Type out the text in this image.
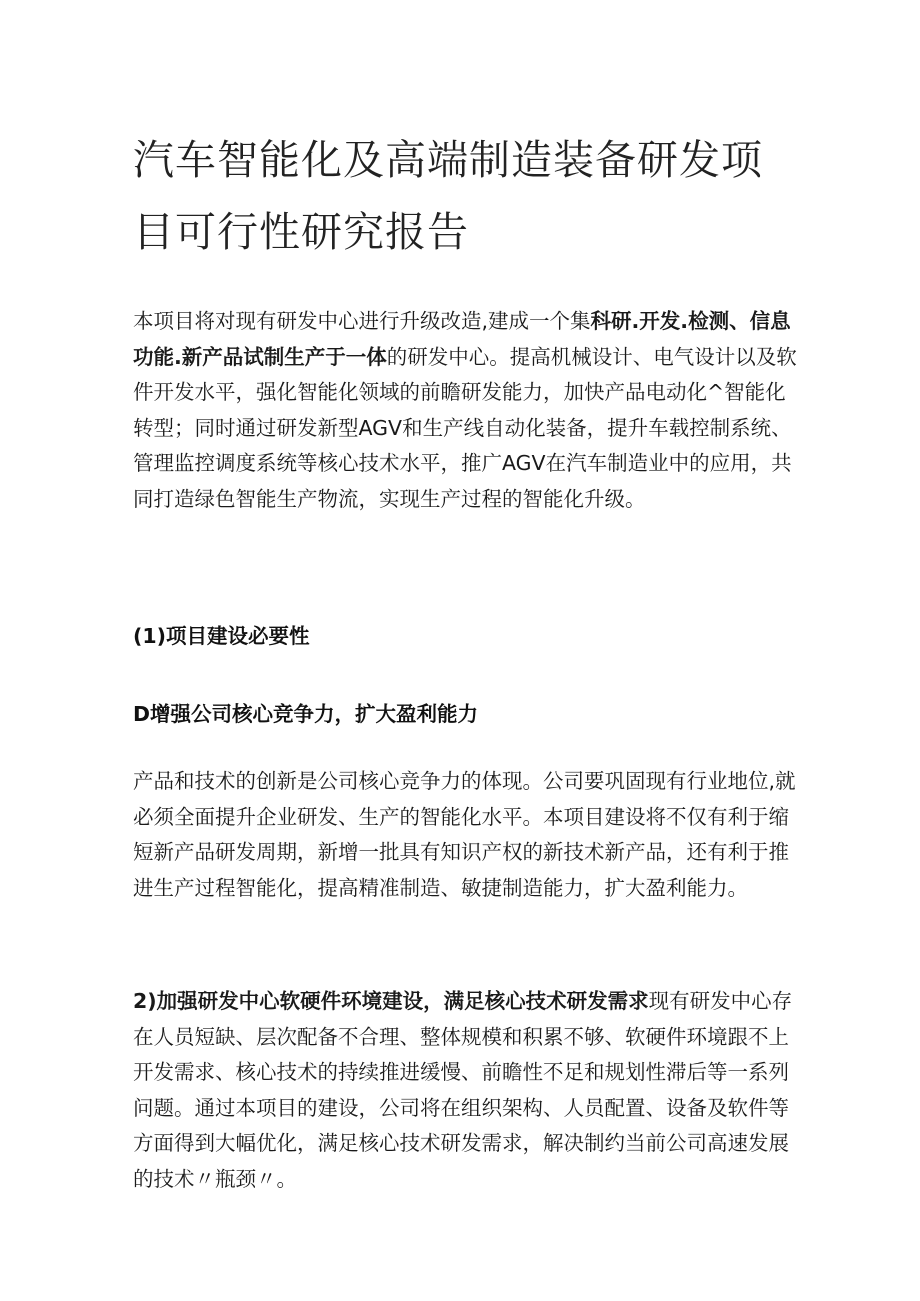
汽车智能化及高端制造装备研发项目可行性研究报告

本项目将对现有研发中心进行升级改造,建成一个集科研.开发.检测、信息功能.新产品试制生产于一体的研发中心。提高机械设计、电气设计以及软件开发水平，强化智能化领域的前瞻研发能力，加快产品电动化^智能化转型；同时通过研发新型AGV和生产线自动化装备，提升车载控制系统、管理监控调度系统等核心技术水平，推广AGV在汽车制造业中的应用，共同打造绿色智能生产物流，实现生产过程的智能化升级。

(1)项目建设必要性
D增强公司核心竞争力，扩大盈利能力

产品和技术的创新是公司核心竞争力的体现。公司要巩固现有行业地位,就必须全面提升企业研发、生产的智能化水平。本项目建设将不仅有利于缩短新产品研发周期，新增一批具有知识产权的新技术新产品，还有利于推进生产过程智能化，提高精准制造、敏捷制造能力，扩大盈利能力。

2)加强研发中心软硬件环境建设，满足核心技术研发需求现有研发中心存在人员短缺、层次配备不合理、整体规模和积累不够、软硬件环境跟不上开发需求、核心技术的持续推进缓慢、前瞻性不足和规划性滞后等一系列问题。通过本项目的建设，公司将在组织架构、人员配置、设备及软件等方面得到大幅优化，满足核心技术研发需求，解决制约当前公司高速发展的技术〃瓶颈〃。
